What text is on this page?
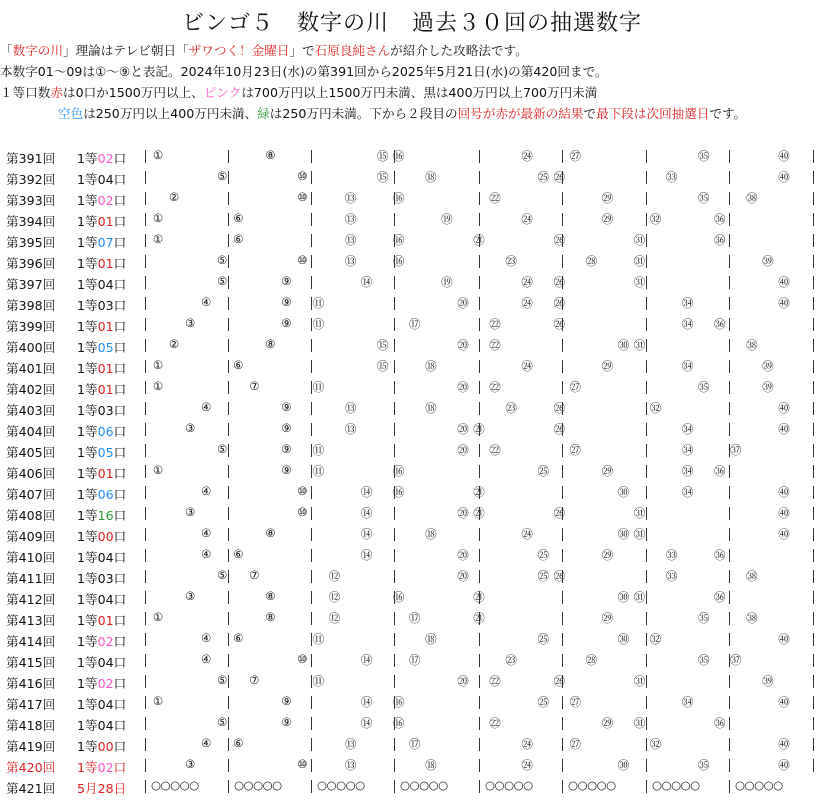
ビンゴ５　数字の川　過去３０回の抽選数字
「数字の川」理論はテレビ朝日「ザワつく！金曜日」で石原良純さんが紹介した攻略法です。
本数字01～09は①～⑨と表記。2024年10月23日(水)の第391回から2025年5月21日(水)の第420回まで。
１等口数赤は0口か1500万円以上、ピンクは700万円以上1500万円未満、黒は400万円以上700万円未満
空色は250万円以上400万円未満、緑は250万円未満。下から２段目の回号が赤が最新の結果で最下段は次回抽選日です。
第391回 1等02口 ①	⑧	⑮ ⑯	㉔	㉗	㉟	㊵
第392回 1等04口	⑤	⑩	⑮	⑱	㉕ ㉖	㉝	㊵
第393回 1等02口	②	⑩	⑬	⑯	㉒	㉙	㉟	㊳
第394回 1等01口 ①	⑥	⑬	⑲	㉔	㉙	㉜	㊱
第395回 1等07口 ①	⑥	⑬	⑯	㉑	㉖	㉛	㊱
第396回 1等01口	⑤	⑩	⑬	⑯	㉓	㉘	㉛	㊴
第397回 1等04口	⑤	⑨	⑭	⑲	㉔ ㉖	㉛	㊵
第398回 1等03口	④	⑨ ⑪	⑳	㉔ ㉖	㉞	㊵
第399回 1等01口	③	⑨ ⑪	⑰	㉒	㉖	㉞ ㊱
第400回 1等05口	②	⑧	⑮	⑳ ㉒	㉚ ㉛	㊳
第401回 1等01口 ①	⑥	⑮	⑱	㉔	㉙	㉞	㊴
第402回 1等01口 ①	⑦	⑪	⑳ ㉒	㉗	㉟	㊴
第403回 1等03口	④	⑨	⑬	⑱	㉓	㉖	㉜	㊵
第404回 1等06口	③	⑨	⑬	⑳ ㉑	㉖	㉞	㊵
第405回 1等05口	⑤	⑨ ⑪	⑳ ㉒	㉗	㉞	㊲
第406回 1等01口 ①	⑨ ⑪	⑯	㉕	㉙	㉞ ㊱
第407回 1等06口	④	⑩	⑭ ⑯	㉑	㉚	㉞	㊵
第408回 1等16口	③	⑩	⑭	⑳ ㉑	㉖	㉛	㊵
第409回 1等00口	④	⑧	⑭	⑱	㉔	㉚ ㉛	㊵
第410回 1等04口	④ ⑥	⑭	⑳	㉕	㉙	㉝	㊱
第411回 1等03口	⑤ ⑦	⑫	⑳	㉕ ㉖	㉝	㊳
第412回 1等04口	③	⑧	⑫	⑯	㉑	㉚ ㉛	㊱
第413回 1等01口 ①	⑧	⑫	⑰	㉑	㉙	㉟	㊳
第414回 1等02口	④ ⑥	⑪	⑱	㉕	㉚ ㉜	㊵
第415回 1等04口	④	⑩	⑭	⑰	㉓	㉘	㉟ ㊲
第416回 1等02口	⑤ ⑦	⑪	⑳ ㉒	㉖	㉛	㊴
第417回 1等04口 ①	⑨	⑭ ⑯	㉕ ㉗	㉞	㊵
第418回 1等04口	⑤	⑨	⑭ ⑯	㉒	㉙ ㉛	㊱
第419回 1等00口	④ ⑥	⑬	⑰	㉔	㉗	㉜	㊵
第420回 1等02口	③	⑩	⑬	⑱	㉔	㉚	㉟	㊵
第421回 5月28日 ○○○○○	○○○○○	○○○○○	○○○○○	○○○○○	○○○○○	○○○○○	○○○○○
